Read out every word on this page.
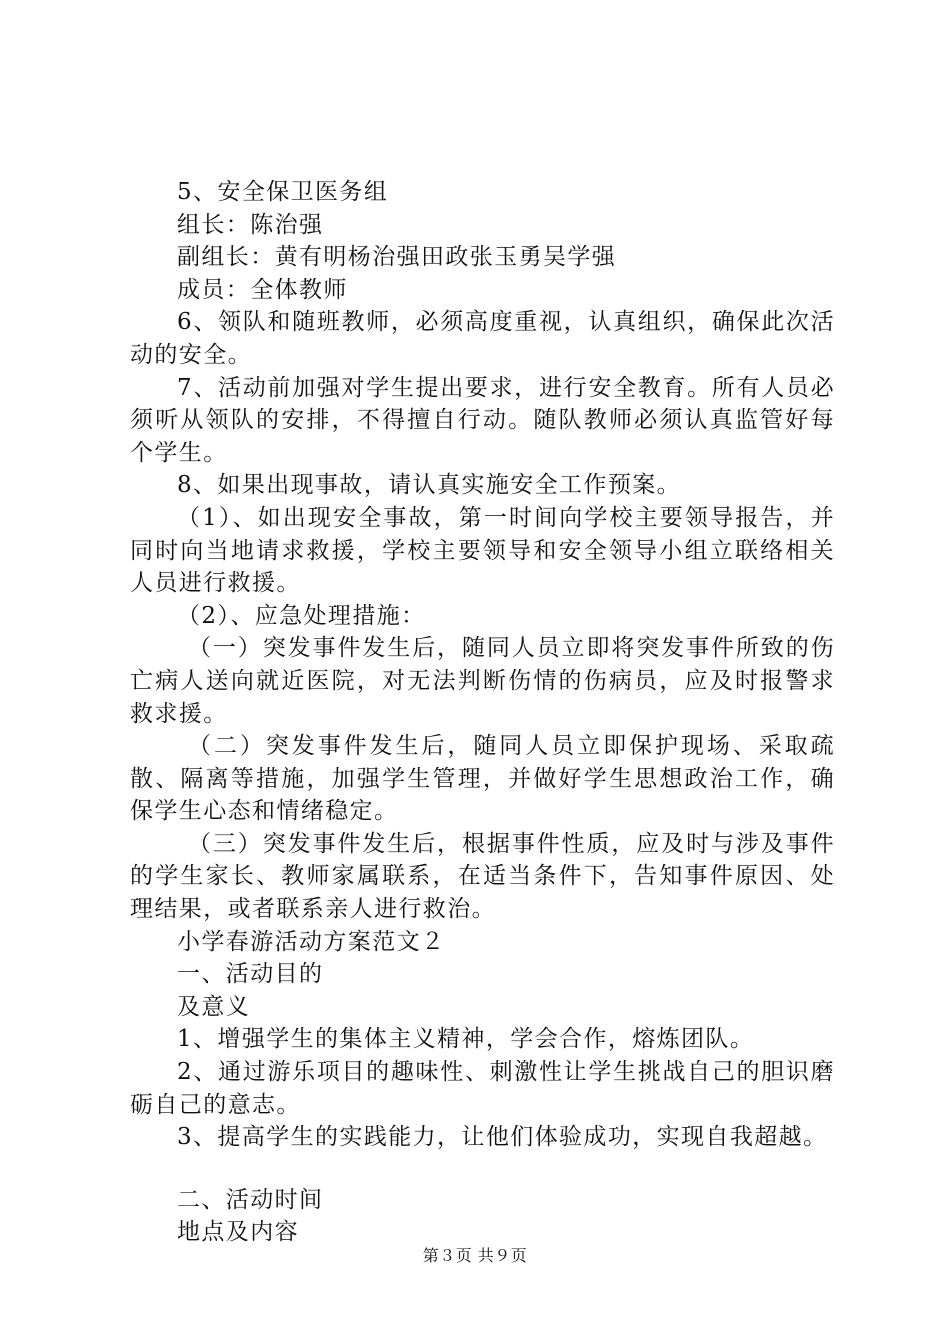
5、安全保卫医务组

组长：陈治强

副组长：黄有明杨治强田政张玉勇吴学强

成员：全体教师

6、领队和随班教师，必须高度重视，认真组织，确保此次活动的安全。

7、活动前加强对学生提出要求，进行安全教育。所有人员必须听从领队的安排，不得擅自行动。随队教师必须认真监管好每个学生。

8、如果出现事故，请认真实施安全工作预案。

（1）、如出现安全事故，第一时间向学校主要领导报告，并同时向当地请求救援，学校主要领导和安全领导小组立联络相关人员进行救援。

（2）、应急处理措施：

（一）突发事件发生后，随同人员立即将突发事件所致的伤亡病人送向就近医院，对无法判断伤情的伤病员，应及时报警求救求援。

（二）突发事件发生后，随同人员立即保护现场、采取疏散、隔离等措施，加强学生管理，并做好学生思想政治工作，确保学生心态和情绪稳定。

（三）突发事件发生后，根据事件性质，应及时与涉及事件的学生家长、教师家属联系，在适当条件下，告知事件原因、处理结果，或者联系亲人进行救治。

小学春游活动方案范文２

一、活动目的

及意义

1、增强学生的集体主义精神，学会合作，熔炼团队。

2、通过游乐项目的趣味性、刺激性让学生挑战自己的胆识磨砺自己的意志。

3、提高学生的实践能力，让他们体验成功，实现自我超越。

二、活动时间

地点及内容

第３页 共９页
